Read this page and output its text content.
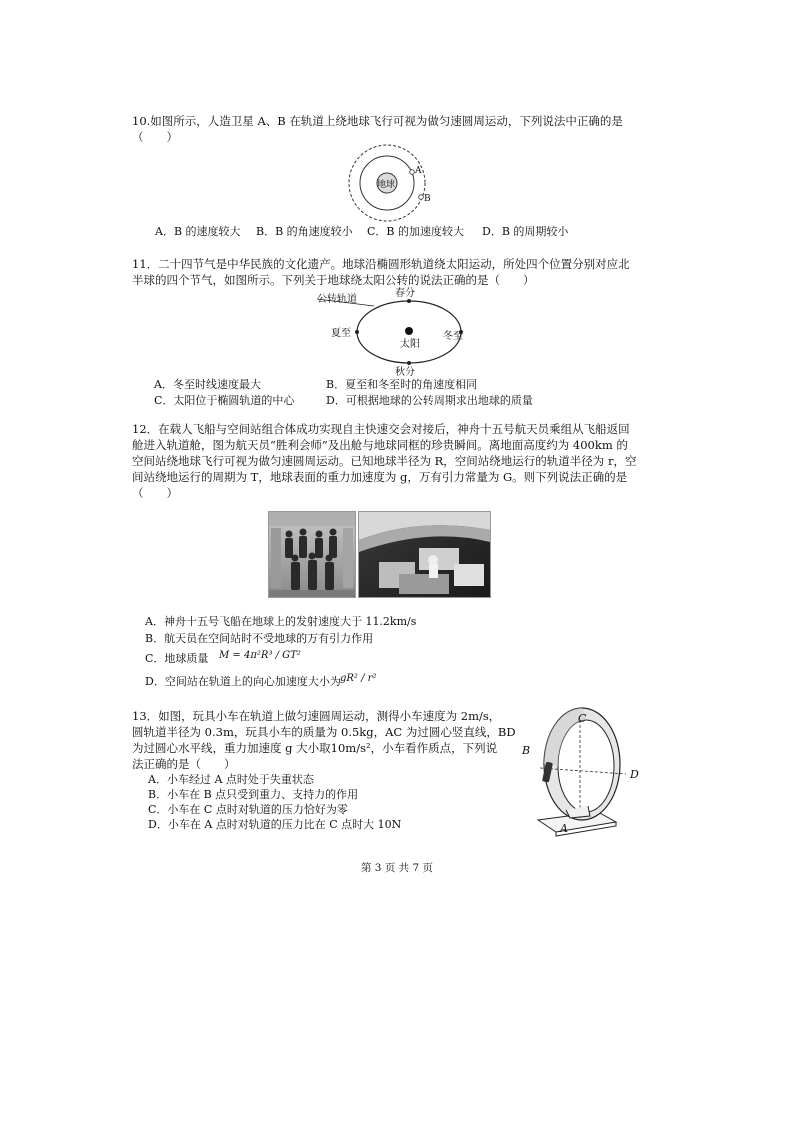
10.如图所示，人造卫星 A、B 在轨道上绕地球飞行可视为做匀速圆周运动，下列说法中正确的是
（　　）
地球
A
B
A．B 的速度较大 B．B 的角速度较小 C．B 的加速度较大 D．B 的周期较小
11．二十四节气是中华民族的文化遗产。地球沿椭圆形轨道绕太阳运动，所处四个位置分别对应北
半球的四个节气，如图所示。下列关于地球绕太阳公转的说法正确的是（　　）
公转轨道
春分
夏至	冬至
太阳
秋分
A．冬至时线速度最大	B．夏至和冬至时的角速度相同
C．太阳位于椭圆轨道的中心	D．可根据地球的公转周期求出地球的质量
12．在载人飞船与空间站组合体成功实现自主快速交会对接后，神舟十五号航天员乘组从飞船返回
舱进入轨道舱，图为航天员“胜利会师”及出舱与地球同框的珍贵瞬间。离地面高度约为 400km 的
空间站绕地球飞行可视为做匀速圆周运动。已知地球半径为 R，空间站绕地运行的轨道半径为 r，空
间站绕地运行的周期为 T，地球表面的重力加速度为 g，万有引力常量为 G。则下列说法正确的是
（　　）
A．神舟十五号飞船在地球上的发射速度大于 11.2km/s
B．航天员在空间站时不受地球的万有引力作用
C．地球质量 M = 4π²R³ / GT²
D．空间站在轨道上的向心加速度大小为 gR² / r²
13．如图，玩具小车在轨道上做匀速圆周运动，测得小车速度为 2m/s，
圆轨道半径为 0.3m，玩具小车的质量为 0.5kg，AC 为过圆心竖直线，BD
为过圆心水平线，重力加速度 g 大小取10m/s²，小车看作质点，下列说
法正确的是（　　）
A．小车经过 A 点时处于失重状态
B．小车在 B 点只受到重力、支持力的作用
C．小车在 C 点时对轨道的压力恰好为零
D．小车在 A 点时对轨道的压力比在 C 点时大 10N
C
B
D
A
第 3 页 共 7 页
